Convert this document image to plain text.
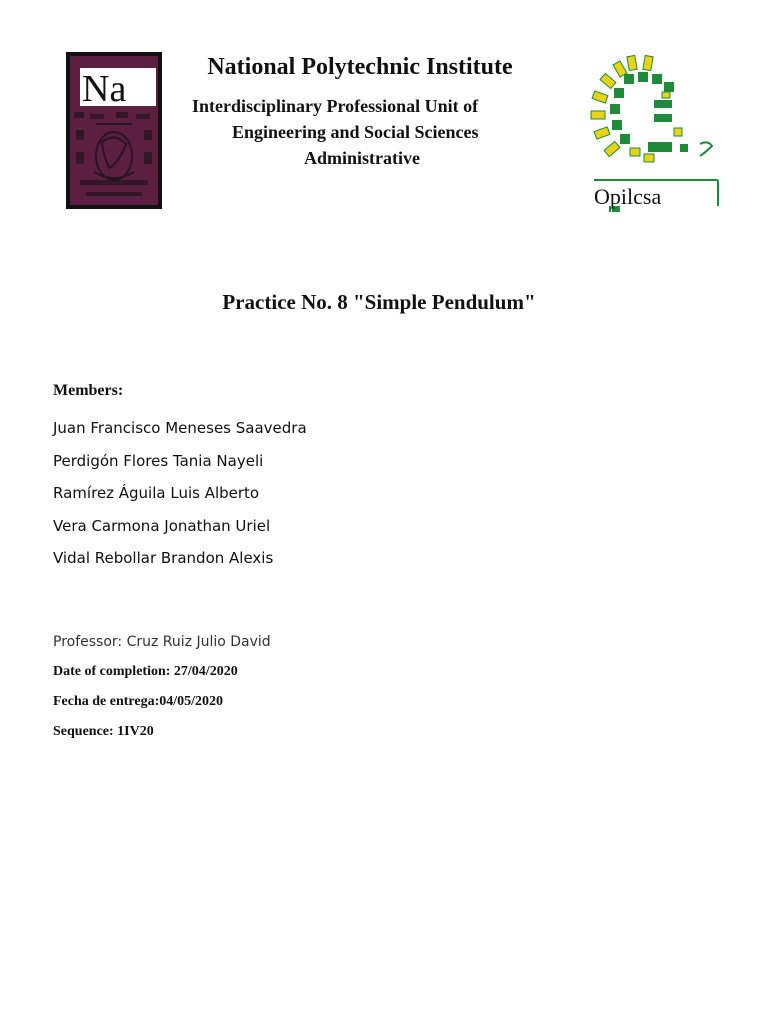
Na
National Polytechnic Institute
Interdisciplinary Professional Unit of
Engineering and Social Sciences
Administrative
Opilcsa
Practice No. 8 "Simple Pendulum"
Members:
Juan Francisco Meneses Saavedra
Perdigón Flores Tania Nayeli
Ramírez Águila Luis Alberto
Vera Carmona Jonathan Uriel
Vidal Rebollar Brandon Alexis
Professor: Cruz Ruiz Julio David
Date of completion: 27/04/2020
Fecha de entrega:04/05/2020
Sequence: 1IV20
